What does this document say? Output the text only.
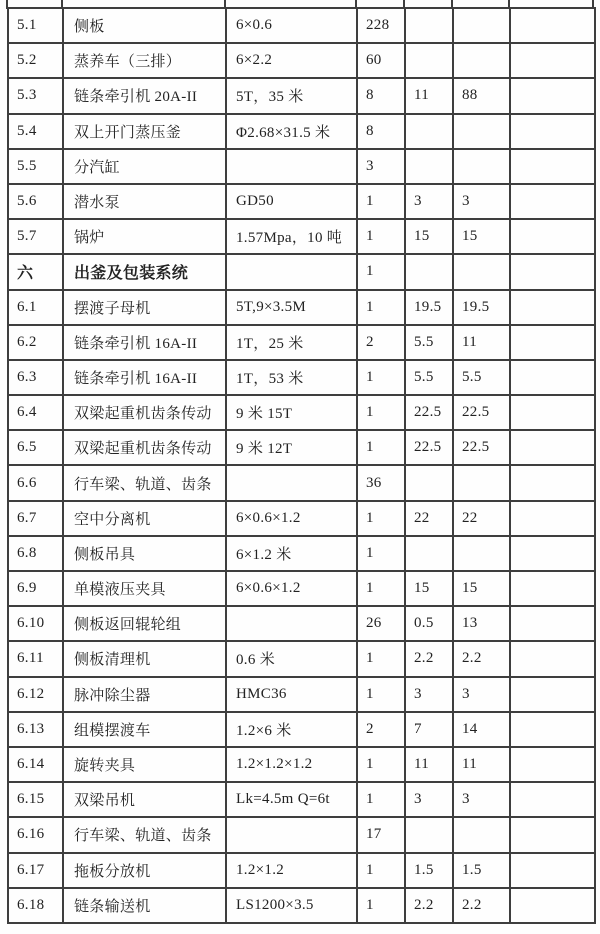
5.1	侧板	6×0.6	228			
5.2	蒸养车（三排）	6×2.2	60			
5.3	链条牵引机 20A-II	5T，35 米	8	11	88	
5.4	双上开门蒸压釜	Φ2.68×31.5 米	8			
5.5	分汽缸		3			
5.6	潜水泵	GD50	1	3	3	
5.7	锅炉	1.57Mpa，10 吨	1	15	15	
六	出釜及包装系统		1			
6.1	摆渡子母机	5T,9×3.5M	1	19.5	19.5	
6.2	链条牵引机 16A-II	1T，25 米	2	5.5	11	
6.3	链条牵引机 16A-II	1T，53 米	1	5.5	5.5	
6.4	双梁起重机齿条传动	9 米 15T	1	22.5	22.5	
6.5	双梁起重机齿条传动	9 米 12T	1	22.5	22.5	
6.6	行车梁、轨道、齿条		36			
6.7	空中分离机	6×0.6×1.2	1	22	22	
6.8	侧板吊具	6×1.2 米	1			
6.9	单模液压夹具	6×0.6×1.2	1	15	15	
6.10	侧板返回辊轮组		26	0.5	13	
6.11	侧板清理机	0.6 米	1	2.2	2.2	
6.12	脉冲除尘器	HMC36	1	3	3	
6.13	组模摆渡车	1.2×6 米	2	7	14	
6.14	旋转夹具	1.2×1.2×1.2	1	11	11	
6.15	双梁吊机	Lk=4.5m Q=6t	1	3	3	
6.16	行车梁、轨道、齿条		17			
6.17	拖板分放机	1.2×1.2	1	1.5	1.5	
6.18	链条输送机	LS1200×3.5	1	2.2	2.2	
